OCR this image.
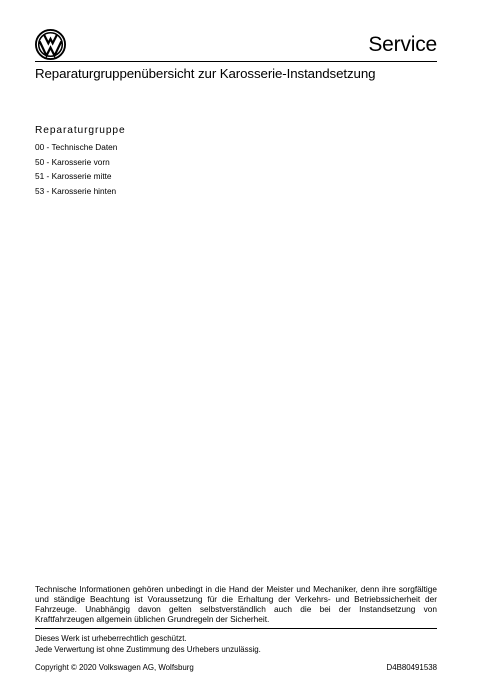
Service
Reparaturgruppenübersicht zur Karosserie-Instandsetzung
Reparaturgruppe
00 - Technische Daten
50 - Karosserie vorn
51 - Karosserie mitte
53 - Karosserie hinten
Technische Informationen gehören unbedingt in die Hand der Meister und Mechaniker, denn ihre sorgfältige und ständige Beachtung ist Voraussetzung für die Erhaltung der Verkehrs- und Betriebssicherheit der Fahrzeuge. Unabhängig davon gelten selbstverständlich auch die bei der Instandsetzung von Kraftfahrzeugen allgemein üblichen Grundregeln der Sicherheit.
Dieses Werk ist urheberrechtlich geschützt.
Jede Verwertung ist ohne Zustimmung des Urhebers unzulässig.
Copyright © 2020 Volkswagen AG, Wolfsburg	D4B80491538
